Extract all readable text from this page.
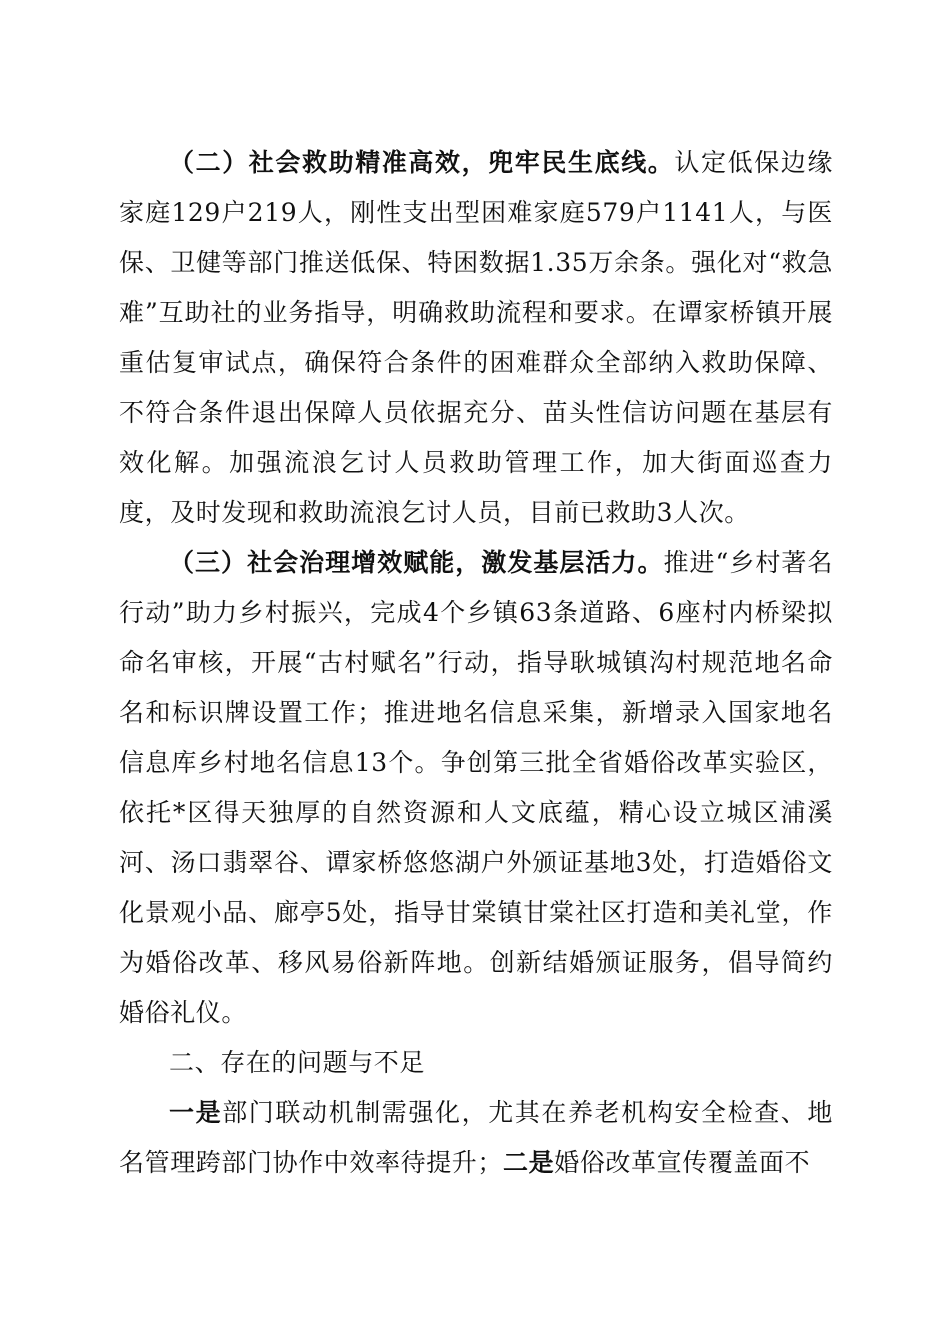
（二）社会救助精准高效，兜牢民生底线。认定低保边缘家庭129户219人，刚性支出型困难家庭579户1141人，与医保、卫健等部门推送低保、特困数据1.35万余条。强化对“救急难”互助社的业务指导，明确救助流程和要求。在谭家桥镇开展重估复审试点，确保符合条件的困难群众全部纳入救助保障、不符合条件退出保障人员依据充分、苗头性信访问题在基层有效化解。加强流浪乞讨人员救助管理工作，加大街面巡查力度，及时发现和救助流浪乞讨人员，目前已救助3人次。

（三）社会治理增效赋能，激发基层活力。推进“乡村著名行动”助力乡村振兴，完成4个乡镇63条道路、6座村内桥梁拟命名审核，开展“古村赋名”行动，指导耿城镇沟村规范地名命名和标识牌设置工作；推进地名信息采集，新增录入国家地名信息库乡村地名信息13个。争创第三批全省婚俗改革实验区，依托*区得天独厚的自然资源和人文底蕴，精心设立城区浦溪河、汤口翡翠谷、谭家桥悠悠湖户外颁证基地3处，打造婚俗文化景观小品、廊亭5处，指导甘棠镇甘棠社区打造和美礼堂，作为婚俗改革、移风易俗新阵地。创新结婚颁证服务，倡导简约婚俗礼仪。

二、存在的问题与不足

一是部门联动机制需强化，尤其在养老机构安全检查、地名管理跨部门协作中效率待提升；二是婚俗改革宣传覆盖面不
